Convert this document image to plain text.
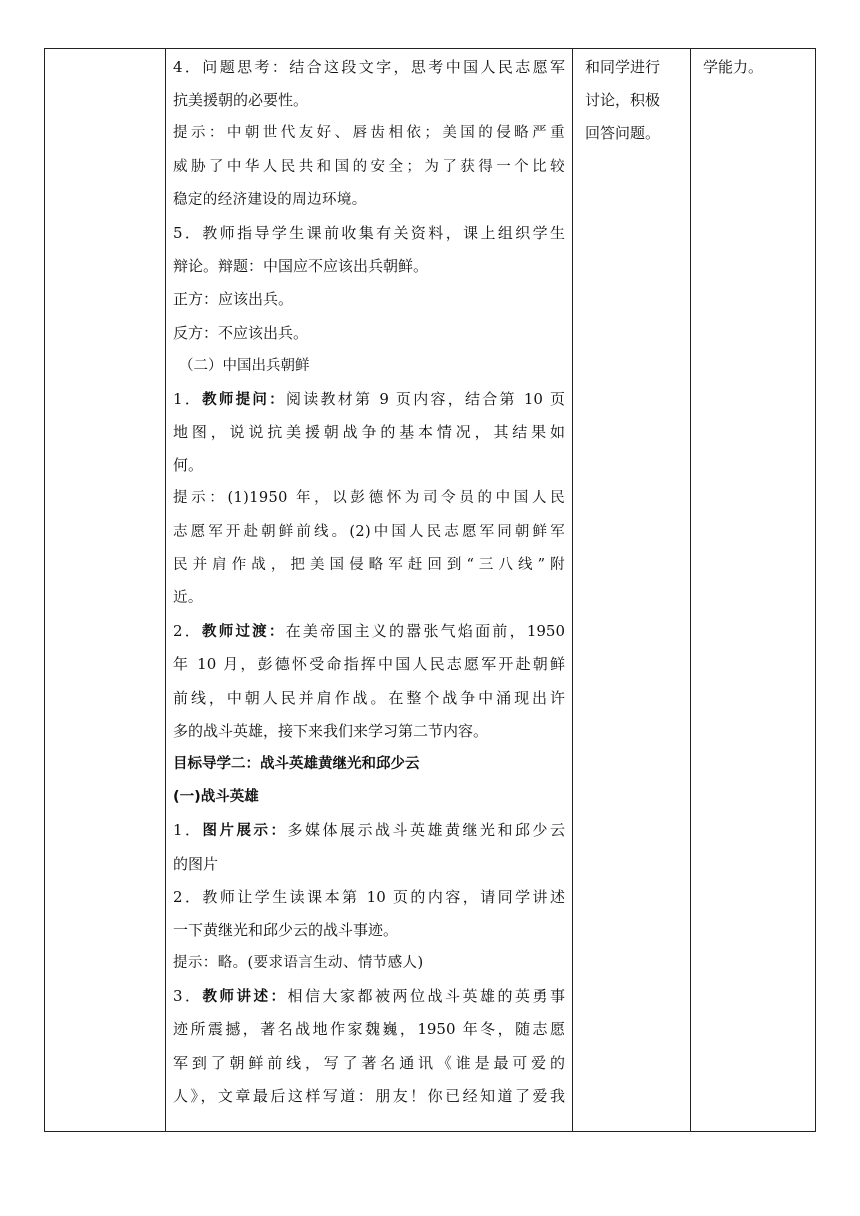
4．问题思考：结合这段文字，思考中国人民志愿军
抗美援朝的必要性。
提示：中朝世代友好、唇齿相依；美国的侵略严重
威胁了中华人民共和国的安全；为了获得一个比较
稳定的经济建设的周边环境。
5．教师指导学生课前收集有关资料，课上组织学生
辩论。辩题：中国应不应该出兵朝鲜。
正方：应该出兵。
反方：不应该出兵。
（二）中国出兵朝鲜
1．教师提问：阅读教材第 9 页内容，结合第 10 页
地图，说说抗美援朝战争的基本情况，其结果如
何。
提示：(1)1950 年，以彭德怀为司令员的中国人民
志愿军开赴朝鲜前线。(2)中国人民志愿军同朝鲜军
民并肩作战，把美国侵略军赶回到“三八线”附
近。
2．教师过渡：在美帝国主义的嚣张气焰面前，1950
年 10 月，彭德怀受命指挥中国人民志愿军开赴朝鲜
前线，中朝人民并肩作战。在整个战争中涌现出许
多的战斗英雄，接下来我们来学习第二节内容。
目标导学二：战斗英雄黄继光和邱少云
(一)战斗英雄
1．图片展示：多媒体展示战斗英雄黄继光和邱少云
的图片
2．教师让学生读课本第 10 页的内容，请同学讲述
一下黄继光和邱少云的战斗事迹。
提示：略。(要求语言生动、情节感人)
3．教师讲述：相信大家都被两位战斗英雄的英勇事
迹所震撼，著名战地作家魏巍，1950 年冬，随志愿
军到了朝鲜前线，写了著名通讯《谁是最可爱的
人》，文章最后这样写道：朋友！你已经知道了爱我
和同学进行
讨论，积极
回答问题。
学能力。
